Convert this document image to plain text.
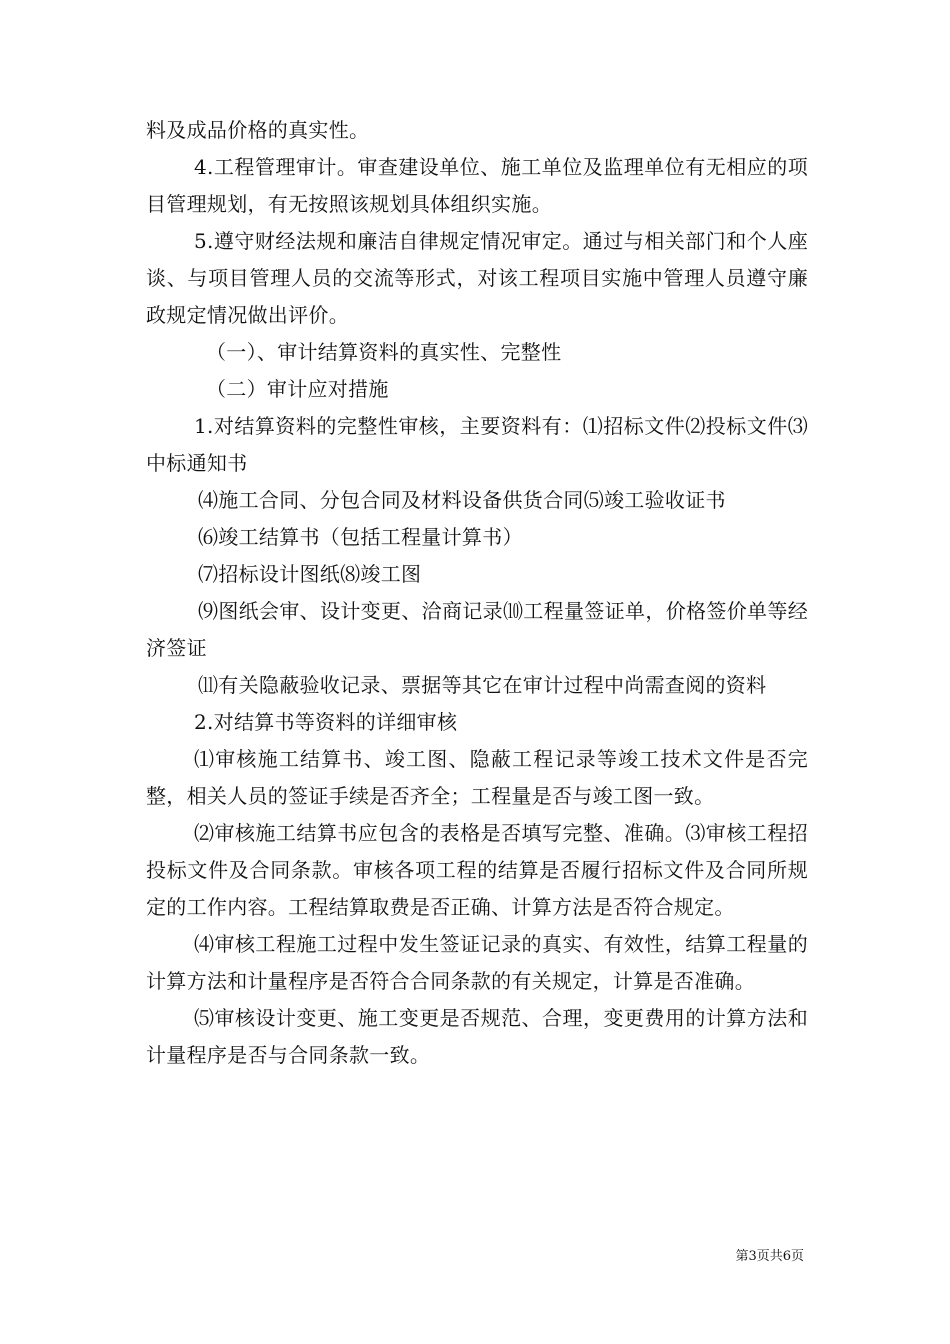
料及成品价格的真实性。

4.工程管理审计。审查建设单位、施工单位及监理单位有无相应的项目管理规划，有无按照该规划具体组织实施。

5.遵守财经法规和廉洁自律规定情况审定。通过与相关部门和个人座谈、与项目管理人员的交流等形式，对该工程项目实施中管理人员遵守廉政规定情况做出评价。

（一）、审计结算资料的真实性、完整性

（二）审计应对措施

1.对结算资料的完整性审核，主要资料有：⑴招标文件⑵投标文件⑶中标通知书

⑷施工合同、分包合同及材料设备供货合同⑸竣工验收证书

⑹竣工结算书（包括工程量计算书）

⑺招标设计图纸⑻竣工图

⑼图纸会审、设计变更、洽商记录⑽工程量签证单，价格签价单等经济签证

⑾有关隐蔽验收记录、票据等其它在审计过程中尚需查阅的资料

2.对结算书等资料的详细审核

⑴审核施工结算书、竣工图、隐蔽工程记录等竣工技术文件是否完整，相关人员的签证手续是否齐全；工程量是否与竣工图一致。

⑵审核施工结算书应包含的表格是否填写完整、准确。⑶审核工程招投标文件及合同条款。审核各项工程的结算是否履行招标文件及合同所规定的工作内容。工程结算取费是否正确、计算方法是否符合规定。

⑷审核工程施工过程中发生签证记录的真实、有效性，结算工程量的计算方法和计量程序是否符合合同条款的有关规定，计算是否准确。

⑸审核设计变更、施工变更是否规范、合理，变更费用的计算方法和计量程序是否与合同条款一致。

第3页共6页
